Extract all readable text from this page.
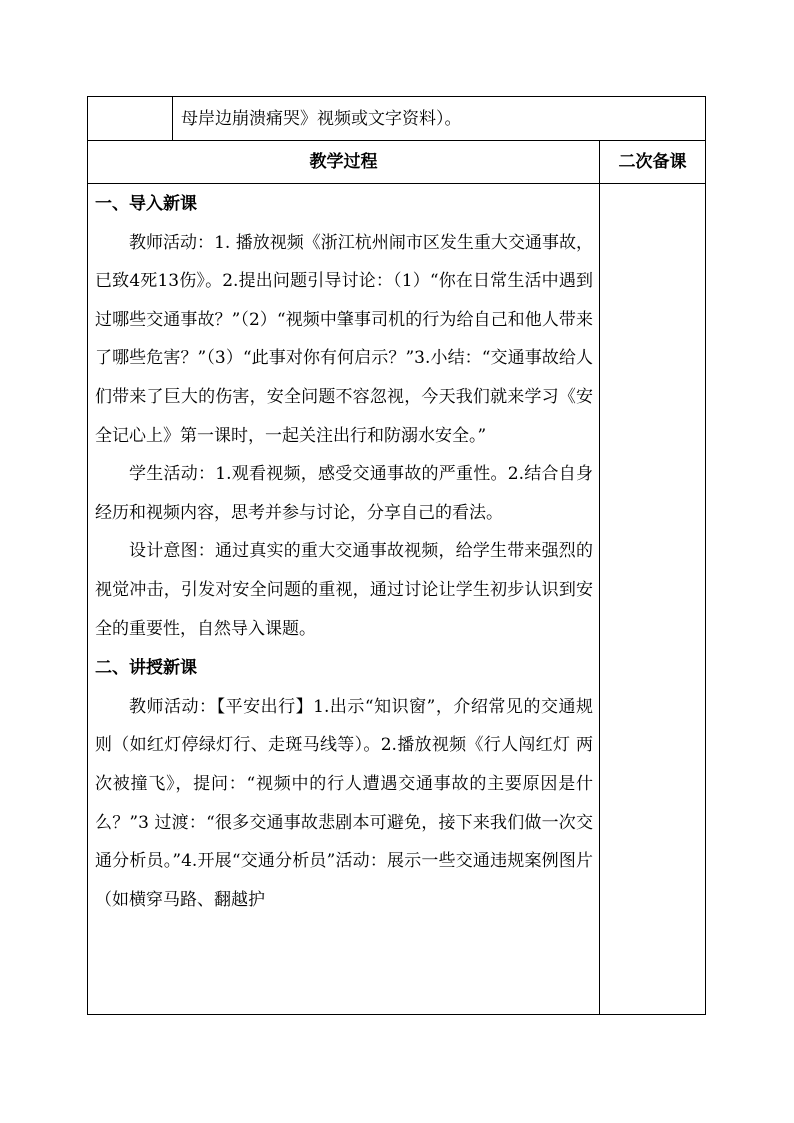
母岸边崩溃痛哭》视频或文字资料）。
教学过程	二次备课

一、导入新课

教师活动：1. 播放视频《浙江杭州闹市区发生重大交通事故，已致4死13伤》。2.提出问题引导讨论：（1）“你在日常生活中遇到过哪些交通事故？”（2）“视频中肇事司机的行为给自己和他人带来了哪些危害？”（3）“此事对你有何启示？”3.小结：“交通事故给人们带来了巨大的伤害，安全问题不容忽视，今天我们就来学习《安全记心上》第一课时，一起关注出行和防溺水安全。”

学生活动：1.观看视频，感受交通事故的严重性。2.结合自身经历和视频内容，思考并参与讨论，分享自己的看法。

设计意图：通过真实的重大交通事故视频，给学生带来强烈的视觉冲击，引发对安全问题的重视，通过讨论让学生初步认识到安全的重要性，自然导入课题。

二、讲授新课

教师活动：【平安出行】1.出示“知识窗”，介绍常见的交通规则（如红灯停绿灯行、走斑马线等）。2.播放视频《行人闯红灯 两次被撞飞》，提问：“视频中的行人遭遇交通事故的主要原因是什么？”3 过渡：“很多交通事故悲剧本可避免，接下来我们做一次交通分析员。”4.开展“交通分析员”活动：展示一些交通违规案例图片（如横穿马路、翻越护
